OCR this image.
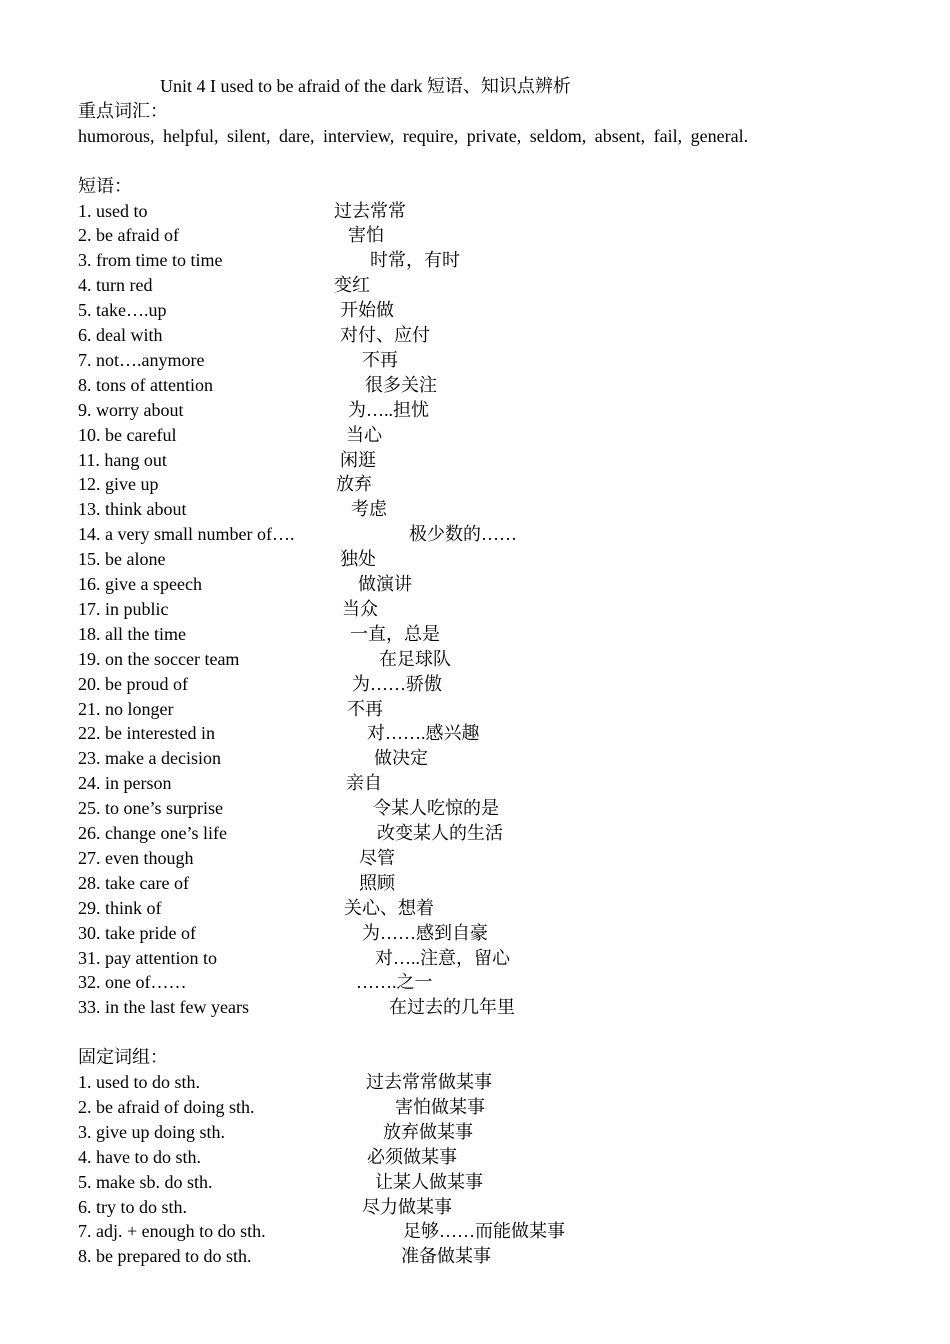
Unit 4 I used to be afraid of the dark 短语、知识点辨析
重点词汇：
humorous, helpful, silent, dare, interview, require, private, seldom, absent, fail, general.
短语：
1. used to	过去常常
2. be afraid of	害怕
3. from time to time	时常，有时
4. turn red	变红
5. take….up	开始做
6. deal with	对付、应付
7. not….anymore	不再
8. tons of attention	很多关注
9. worry about	为…..担忧
10. be careful	当心
11. hang out	闲逛
12. give up	放弃
13. think about	考虑
14. a very small number of….	极少数的……
15. be alone	独处
16. give a speech	做演讲
17. in public	当众
18. all the time	一直，总是
19. on the soccer team	在足球队
20. be proud of	为……骄傲
21. no longer	不再
22. be interested in	对…….感兴趣
23. make a decision	做决定
24. in person	亲自
25. to one’s surprise	令某人吃惊的是
26. change one’s life	改变某人的生活
27. even though	尽管
28. take care of	照顾
29. think of	关心、想着
30. take pride of	为……感到自豪
31. pay attention to	对…..注意，留心
32. one of……	…….之一
33. in the last few years	在过去的几年里
固定词组：
1. used to do sth.	过去常常做某事
2. be afraid of doing sth.	害怕做某事
3. give up doing sth.	放弃做某事
4. have to do sth.	必须做某事
5. make sb. do sth.	让某人做某事
6. try to do sth.	尽力做某事
7. adj. + enough to do sth.	足够……而能做某事
8. be prepared to do sth.	准备做某事
